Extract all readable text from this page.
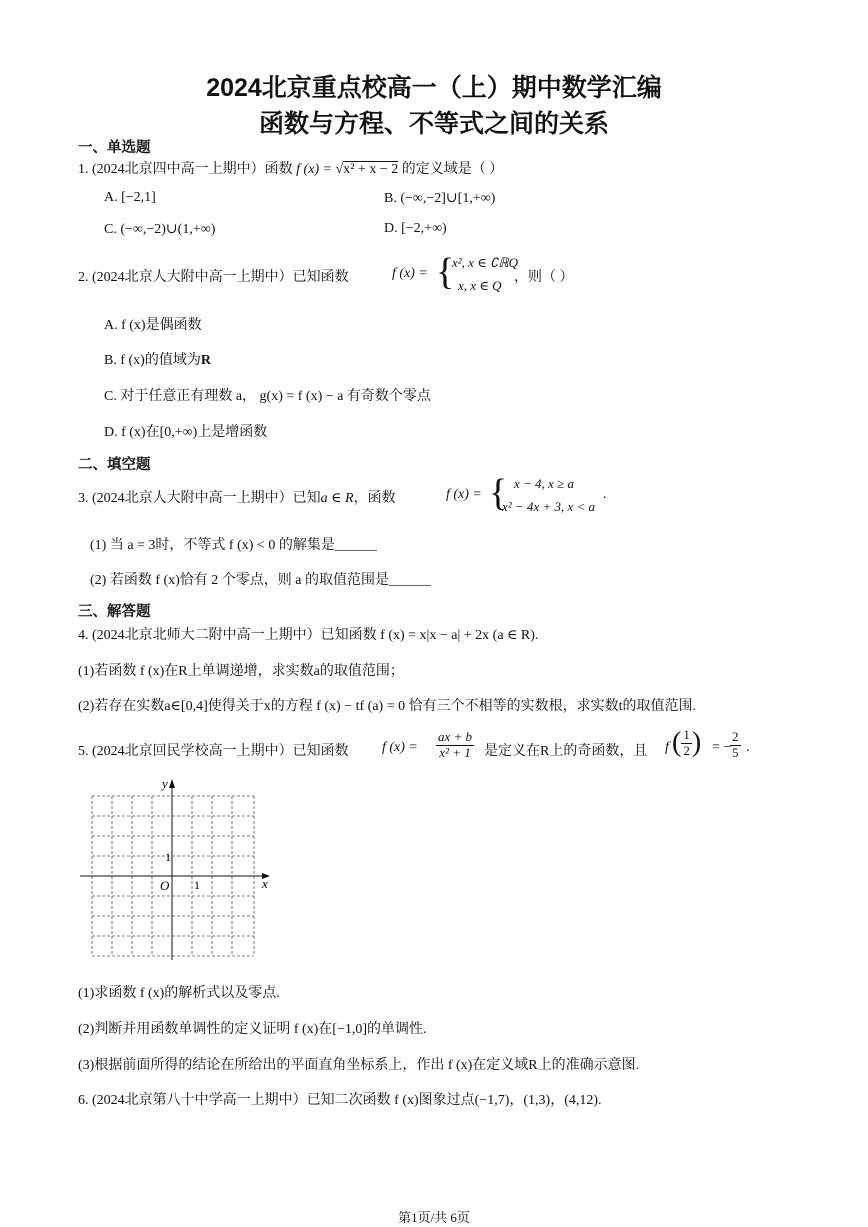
2024北京重点校高一（上）期中数学汇编
函数与方程、不等式之间的关系
一、单选题
1. (2024北京四中高一上期中）函数 f (x) = √x² + x − 2 的定义域是（ ）
A. [−2,1]	B. (−∞,−2]∪[1,+∞)
C. (−∞,−2)∪(1,+∞)	D. [−2,+∞)
2. (2024北京人大附中高一上期中）已知函数	f (x) = {
x², x ∈ ∁ℝQ
x, x ∈ Q
，则（ ）
A. f (x)是偶函数
B. f (x)的值域为R
C. 对于任意正有理数 a， g(x) = f (x) − a 有奇数个零点
D. f (x)在[0,+∞)上是增函数
二、填空题
3. (2024北京人大附中高一上期中）已知a ∈ R，函数	f (x) = { x − 4, x ≥ a
x² − 4x + 3, x < a
.
(1) 当 a = 3时，不等式 f (x) < 0 的解集是______
(2) 若函数 f (x)恰有 2 个零点，则 a 的取值范围是______
三、解答题
4. (2024北京北师大二附中高一上期中）已知函数 f (x) = x|x − a| + 2x (a ∈ R).
(1)若函数 f (x)在R上单调递增，求实数a的取值范围；
(2)若存在实数a∈[0,4]使得关于x的方程 f (x) − tf (a) = 0 恰有三个不相等的实数根，求实数t的取值范围.
5. (2024北京回民学校高一上期中）已知函数 f $(x) = \frac{ax + b}{\text{x² + 1}}$ 是定义在R上的奇函数，且 f ( $\frac{1}{2}$ ) = −
$\frac{2}{5}$ .
y
x
O 1
1
(1)求函数 f (x)的解析式以及零点.
(2)判断并用函数单调性的定义证明 f (x)在[−1,0]的单调性.
(3)根据前面所得的结论在所给出的平面直角坐标系上，作出 f (x)在定义域R上的准确示意图.
6. (2024北京第八十中学高一上期中）已知二次函数 f (x)图象过点(−1,7)，(1,3)，(4,12).
第1页/共 6页
